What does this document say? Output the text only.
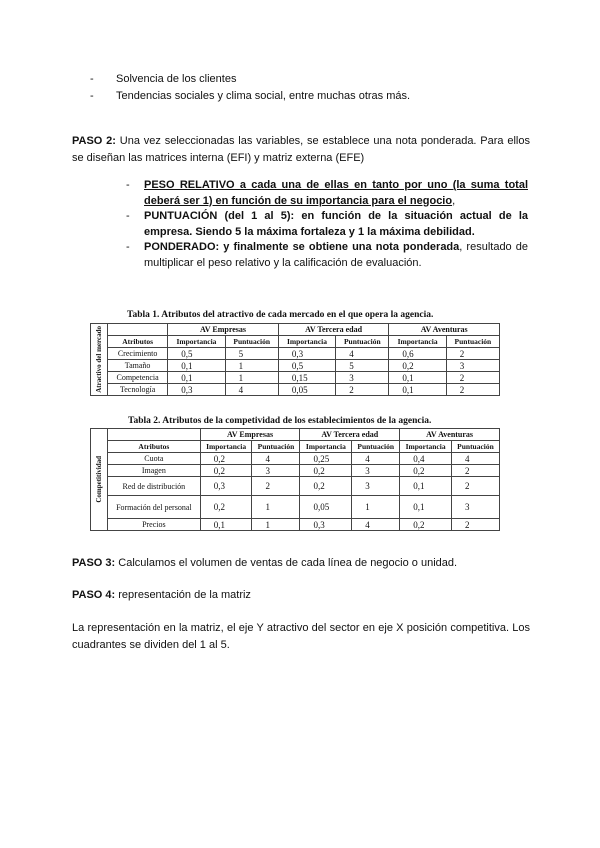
-	Solvencia de los clientes
-	Tendencias sociales y clima social, entre muchas otras más.
PASO 2: Una vez seleccionadas las variables, se establece una nota ponderada. Para ellos se diseñan las matrices interna (EFI) y matriz externa (EFE)
-	PESO RELATIVO a cada una de ellas en tanto por uno (la suma total deberá ser 1) en función de su importancia para el negocio,
-	PUNTUACIÓN (del 1 al 5): en función de la situación actual de la empresa. Siendo 5 la máxima fortaleza y 1 la máxima debilidad.
-	PONDERADO: y finalmente se obtiene una nota ponderada, resultado de multiplicar el peso relativo y la calificación de evaluación.
Tabla 1. Atributos del atractivo de cada mercado en el que opera la agencia.
Atractivo del mercado		AV Empresas		AV Tercera edad		AV Aventuras	
	Atributos	Importancia	Puntuación	Importancia	Puntuación	Importancia	Puntuación
	Crecimiento	0,5	5	0,3	4	0,6	2
	Tamaño	0,1	1	0,5	5	0,2	3
	Competencia	0,1	1	0,15	3	0,1	2
	Tecnología	0,3	4	0,05	2	0,1	2
Tabla 2. Atributos de la competividad de los establecimientos de la agencia.
Competitividad		AV Empresas		AV Tercera edad		AV Aventuras	
	Atributos	Importancia	Puntuación	Importancia	Puntuación	Importancia	Puntuación
	Cuota	0,2	4	0,25	4	0,4	4
	Imagen	0,2	3	0,2	3	0,2	2
	Red de distribución	0,3	2	0,2	3	0,1	2
	Formación del personal	0,2	1	0,05	1	0,1	3
	Precios	0,1	1	0,3	4	0,2	2
PASO 3: Calculamos el volumen de ventas de cada línea de negocio o unidad.
PASO 4: representación de la matriz
La representación en la matriz, el eje Y atractivo del sector en eje X posición competitiva. Los cuadrantes se dividen del 1 al 5.
